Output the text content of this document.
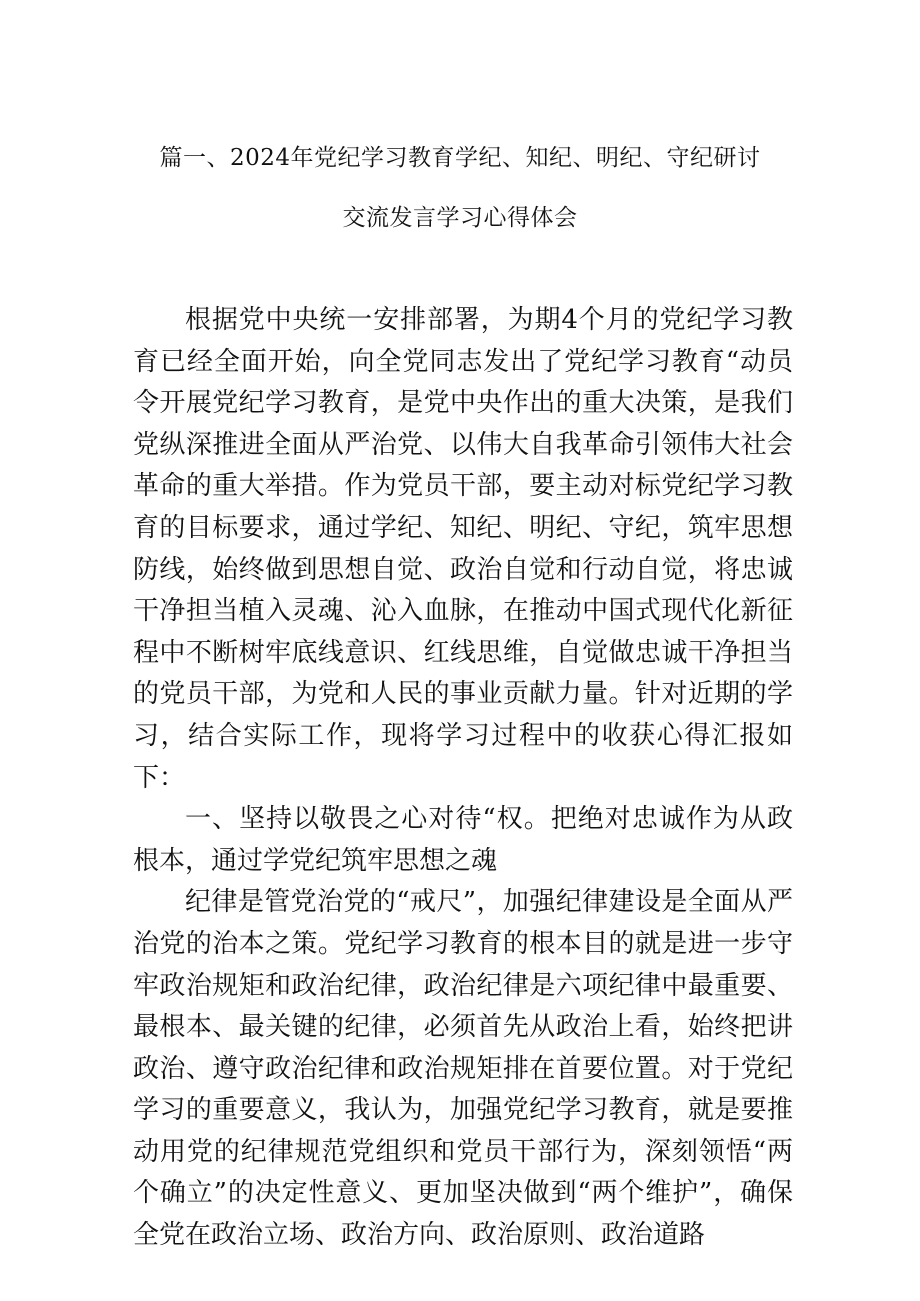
篇一、2024年党纪学习教育学纪、知纪、明纪、守纪研讨
交流发言学习心得体会

根据党中央统一安排部署，为期4个月的党纪学习教育已经全面开始，向全党同志发出了党纪学习教育“动员令开展党纪学习教育，是党中央作出的重大决策，是我们党纵深推进全面从严治党、以伟大自我革命引领伟大社会革命的重大举措。作为党员干部，要主动对标党纪学习教育的目标要求，通过学纪、知纪、明纪、守纪，筑牢思想防线，始终做到思想自觉、政治自觉和行动自觉，将忠诚干净担当植入灵魂、沁入血脉，在推动中国式现代化新征程中不断树牢底线意识、红线思维，自觉做忠诚干净担当的党员干部，为党和人民的事业贡献力量。针对近期的学习，结合实际工作，现将学习过程中的收获心得汇报如下：

一、坚持以敬畏之心对待“权。把绝对忠诚作为从政根本，通过学党纪筑牢思想之魂

纪律是管党治党的“戒尺”，加强纪律建设是全面从严治党的治本之策。党纪学习教育的根本目的就是进一步守牢政治规矩和政治纪律，政治纪律是六项纪律中最重要、最根本、最关键的纪律，必须首先从政治上看，始终把讲政治、遵守政治纪律和政治规矩排在首要位置。对于党纪学习的重要意义，我认为，加强党纪学习教育，就是要推动用党的纪律规范党组织和党员干部行为，深刻领悟“两个确立”的决定性意义、更加坚决做到“两个维护”，确保全党在政治立场、政治方向、政治原则、政治道路
